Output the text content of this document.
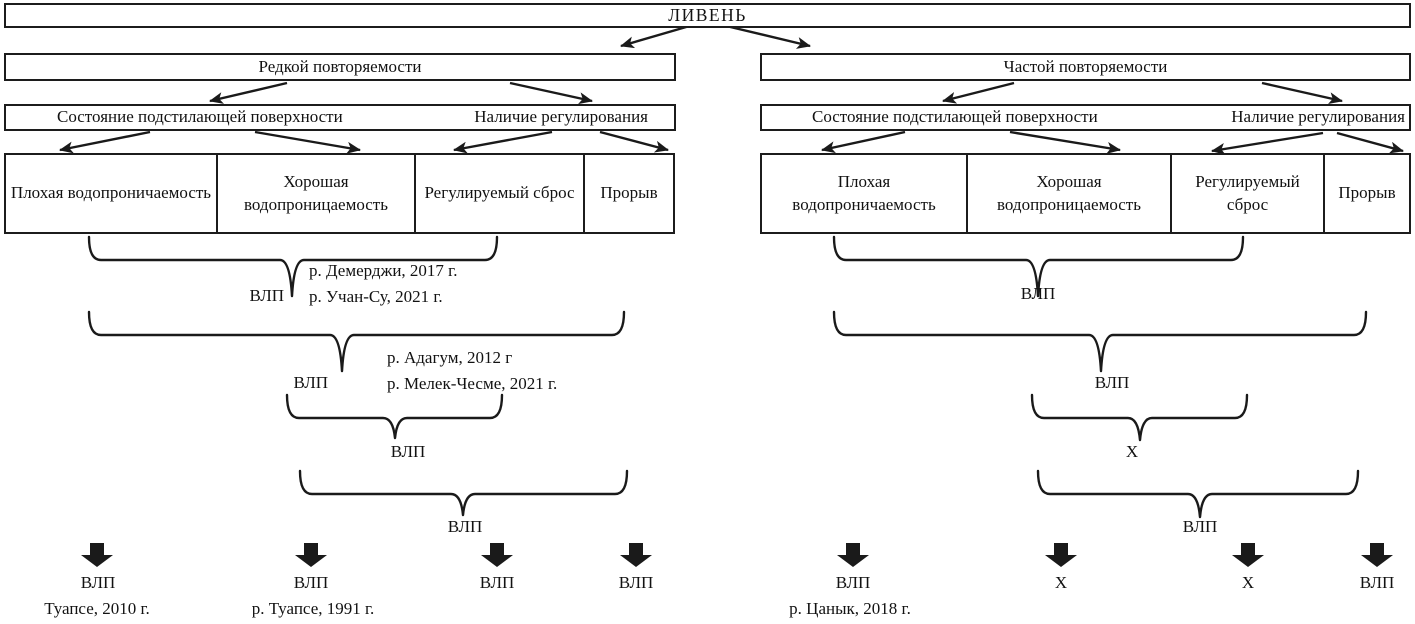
ЛИВЕНЬ
Редкой повторяемости	Частой повторяемости
Состояние подстилающей поверхности	Наличие регулирования	Состояние подстилающей поверхности	Наличие регулирования
Плохая водопроничаемость
Хорошая водопроницаемость
Регулируемый сброс Прорыв
Плохая водопроничаемость
Хорошая водопроницаемость
Регулируемый сброс
Прорыв
ВЛП
р. Демерджи, 2017 г.
р. Учан-Су, 2021 г.
ВЛП
р. Адагум, 2012 г
р. Мелек-Чесме, 2021 г.
ВЛП
ВЛП
ВЛП
ВЛП
Х
ВЛП
ВЛП
Туапсе, 2010 г.
ВЛП
р. Туапсе, 1991 г.
ВЛП	ВЛП	ВЛП
р. Цанык, 2018 г.
Х	Х	ВЛП
